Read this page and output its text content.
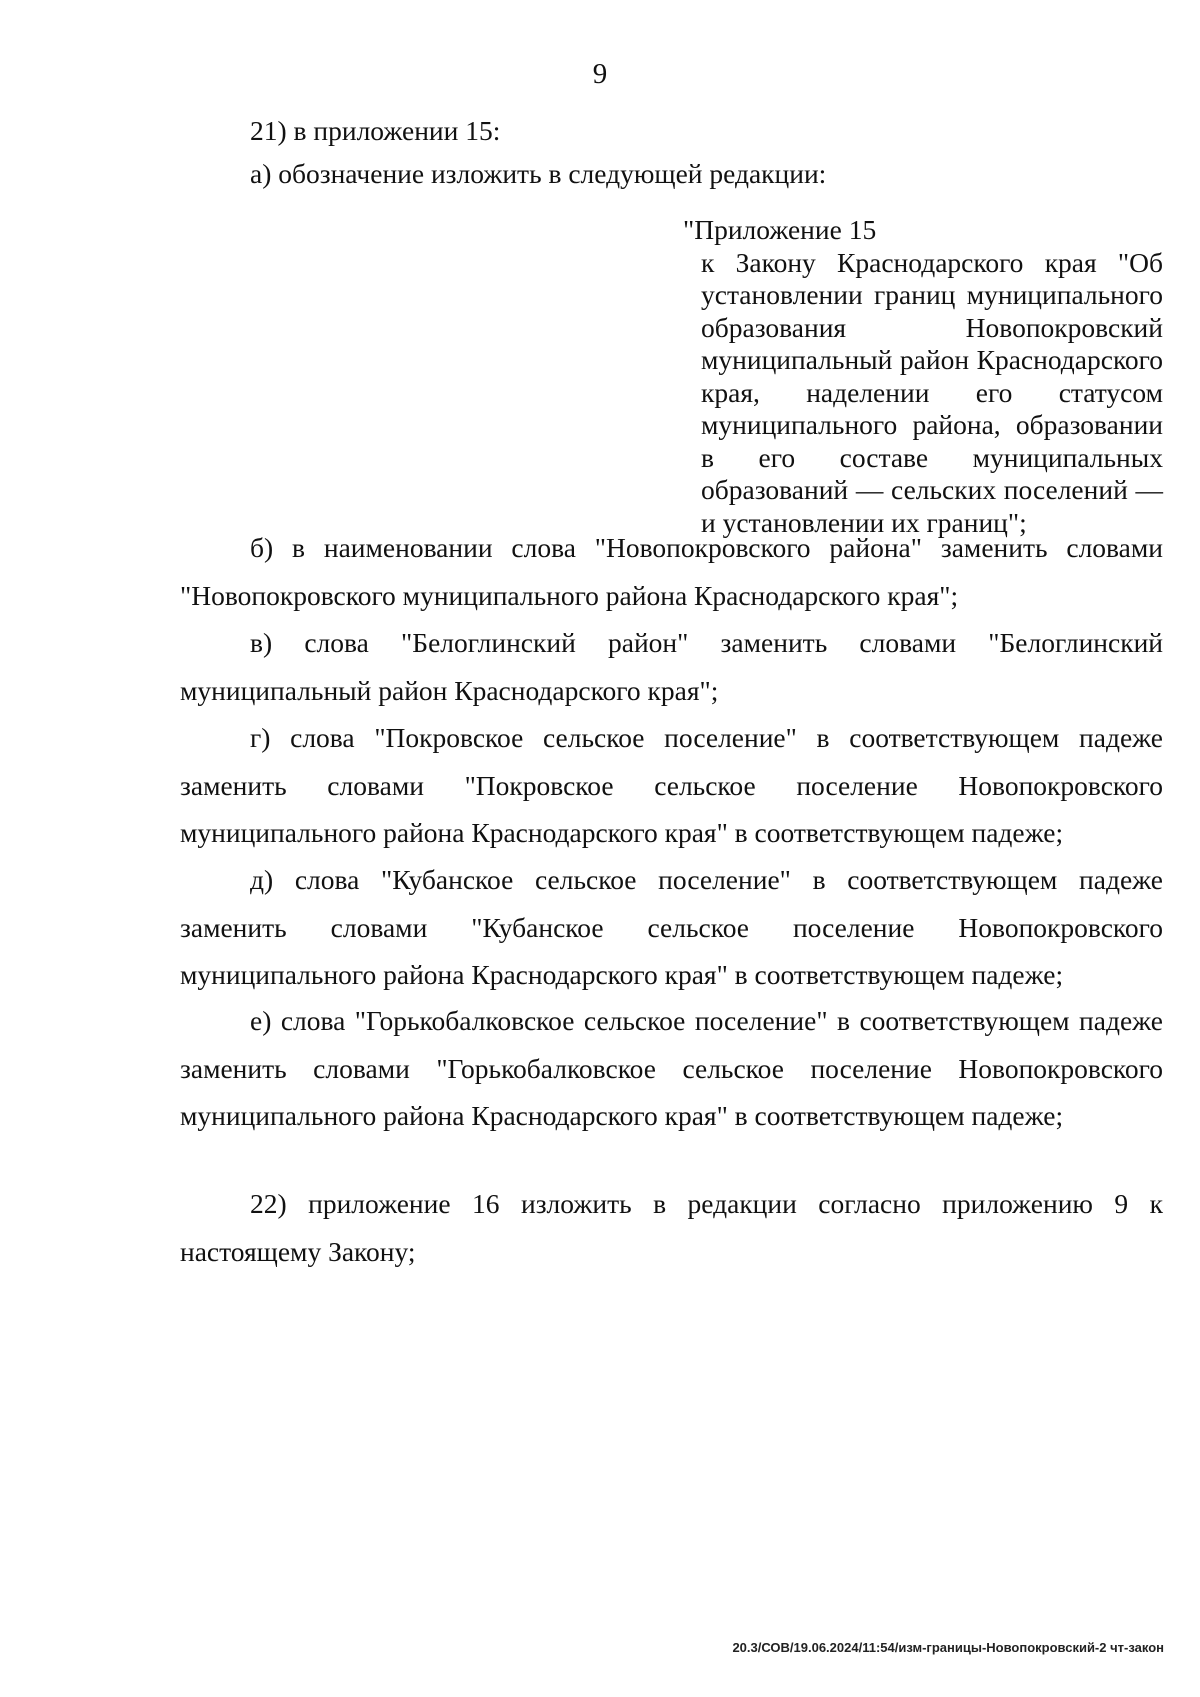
9
21) в приложении 15:
а) обозначение изложить в следующей редакции:
"Приложение 15
к Закону Краснодарского края "Об установлении границ муниципального образования Новопокровский муниципальный район Краснодарского края, наделении его статусом муниципального района, образовании в его составе муниципальных образований — сельских поселений — и установлении их границ";
б) в наименовании слова "Новопокровского района" заменить словами "Новопокровского муниципального района Краснодарского края";
в) слова "Белоглинский район" заменить словами "Белоглинский муниципальный район Краснодарского края";
г) слова "Покровское сельское поселение" в соответствующем падеже заменить словами "Покровское сельское поселение Новопокровского муниципального района Краснодарского края" в соответствующем падеже;
д) слова "Кубанское сельское поселение" в соответствующем падеже заменить словами "Кубанское сельское поселение Новопокровского муниципального района Краснодарского края" в соответствующем падеже;
е) слова "Горькобалковское сельское поселение" в соответствующем падеже заменить словами "Горькобалковское сельское поселение Новопокровского муниципального района Краснодарского края" в соответствующем падеже;
22) приложение 16 изложить в редакции согласно приложению 9 к настоящему Закону;
20.3/СОВ/19.06.2024/11:54/изм-границы-Новопокровский-2 чт-закон
